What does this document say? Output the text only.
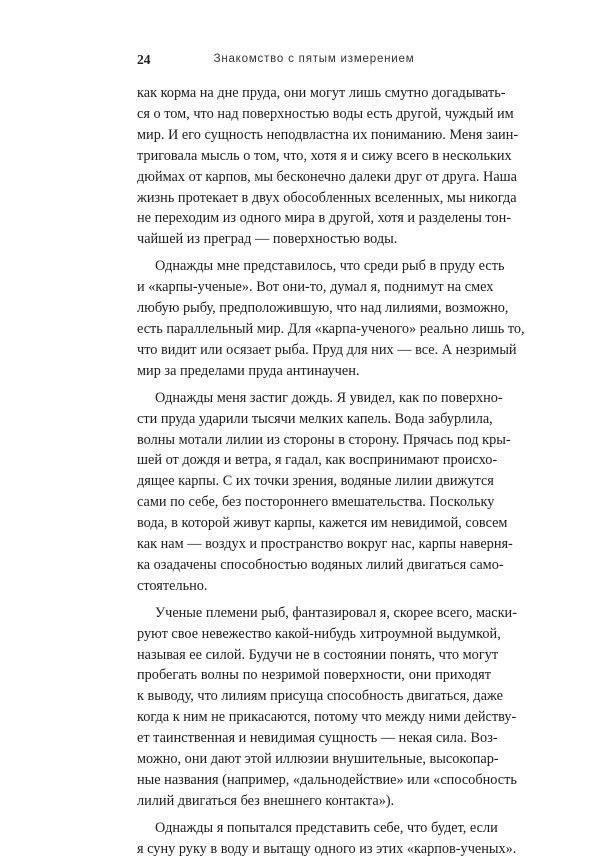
24	Знакомство с пятым измерением

как корма на дне пруда, они могут лишь смутно догадывать-
ся о том, что над поверхностью воды есть другой, чуждый им
мир. И его сущность неподвластна их пониманию. Меня заин-
триговала мысль о том, что, хотя я и сижу всего в нескольких
дюймах от карпов, мы бесконечно далеки друг от друга. Наша
жизнь протекает в двух обособленных вселенных, мы никогда
не переходим из одного мира в другой, хотя и разделены тон-
чайшей из преград — поверхностью воды.

Однажды мне представилось, что среди рыб в пруду есть
и «карпы-ученые». Вот они-то, думал я, поднимут на смех
любую рыбу, предположившую, что над лилиями, возможно,
есть параллельный мир. Для «карпа-ученого» реально лишь то,
что видит или осязает рыба. Пруд для них — все. А незримый
мир за пределами пруда антинаучен.

Однажды меня застиг дождь. Я увидел, как по поверхно-
сти пруда ударили тысячи мелких капель. Вода забурлила,
волны мотали лилии из стороны в сторону. Прячась под кры-
шей от дождя и ветра, я гадал, как воспринимают происхо-
дящее карпы. С их точки зрения, водяные лилии движутся
сами по себе, без постороннего вмешательства. Поскольку
вода, в которой живут карпы, кажется им невидимой, совсем
как нам — воздух и пространство вокруг нас, карпы наверня-
ка озадачены способностью водяных лилий двигаться само-
стоятельно.

Ученые племени рыб, фантазировал я, скорее всего, маски-
руют свое невежество какой-нибудь хитроумной выдумкой,
называя ее силой. Будучи не в состоянии понять, что могут
пробегать волны по незримой поверхности, они приходят
к выводу, что лилиям присуща способность двигаться, даже
когда к ним не прикасаются, потому что между ними действу-
ет таинственная и невидимая сущность — некая сила. Воз-
можно, они дают этой иллюзии внушительные, высокопар-
ные названия (например, «дальнодействие» или «способность
лилий двигаться без внешнего контакта»).

Однажды я попытался представить себе, что будет, если
я суну руку в воду и вытащу одного из этих «карпов-ученых».
